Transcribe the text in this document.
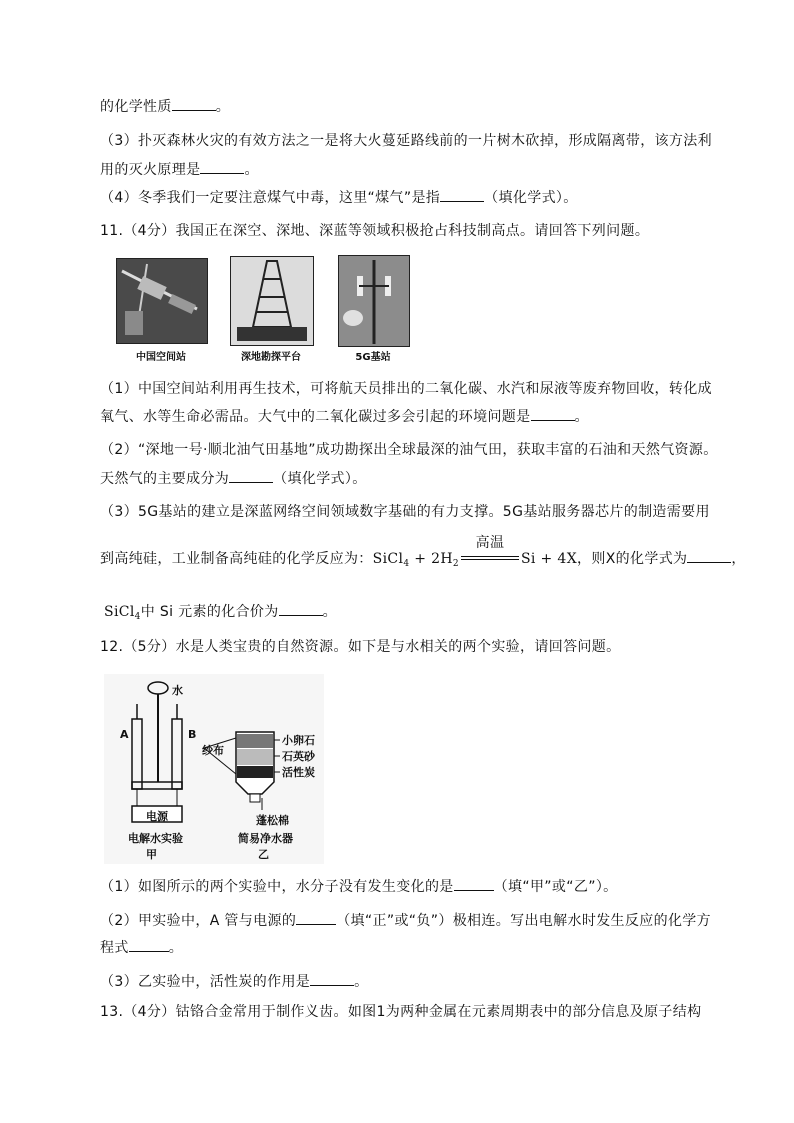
的化学性质	。
（3）扑灭森林火灾的有效方法之一是将大火蔓延路线前的一片树木砍掉，形成隔离带，该方法利
用的灭火原理是	。
（4）冬季我们一定要注意煤气中毒，这里“煤气”是指	（填化学式）。
11.（4分）我国正在深空、深地、深蓝等领域积极抢占科技制高点。请回答下列问题。
中国空间站	深地勘探平台	5G基站
（1）中国空间站利用再生技术，可将航天员排出的二氧化碳、水汽和尿液等废弃物回收，转化成
氧气、水等生命必需品。大气中的二氧化碳过多会引起的环境问题是	。
（2）“深地一号·顺北油气田基地”成功勘探出全球最深的油气田，获取丰富的石油和天然气资源。
天然气的主要成分为	（填化学式）。
（3）5G基站的建立是深蓝网络空间领域数字基础的有力支撑。5G基站服务器芯片的制造需要用
到高纯硅，工业制备高纯硅的化学反应为：SiCl$_4$ + $2H_2$
高温
Si + 4X，则X的化学式为	，
SiCl$_4$中 Si 元素的化合价为	。
12.（5分）水是人类宝贵的自然资源。如下是与水相关的两个实验，请回答问题。
水
A	B
电源
电解水实验
甲
纱布
小卵石
石英砂
活性炭
蓬松棉
简易净水器
乙
（1）如图所示的两个实验中，水分子没有发生变化的是	（填“甲”或“乙”）。
（2）甲实验中，A 管与电源的	（填“正”或“负”）极相连。写出电解水时发生反应的化学方
程式	。
（3）乙实验中，活性炭的作用是	。
13.（4分）钴铬合金常用于制作义齿。如图1为两种金属在元素周期表中的部分信息及原子结构
